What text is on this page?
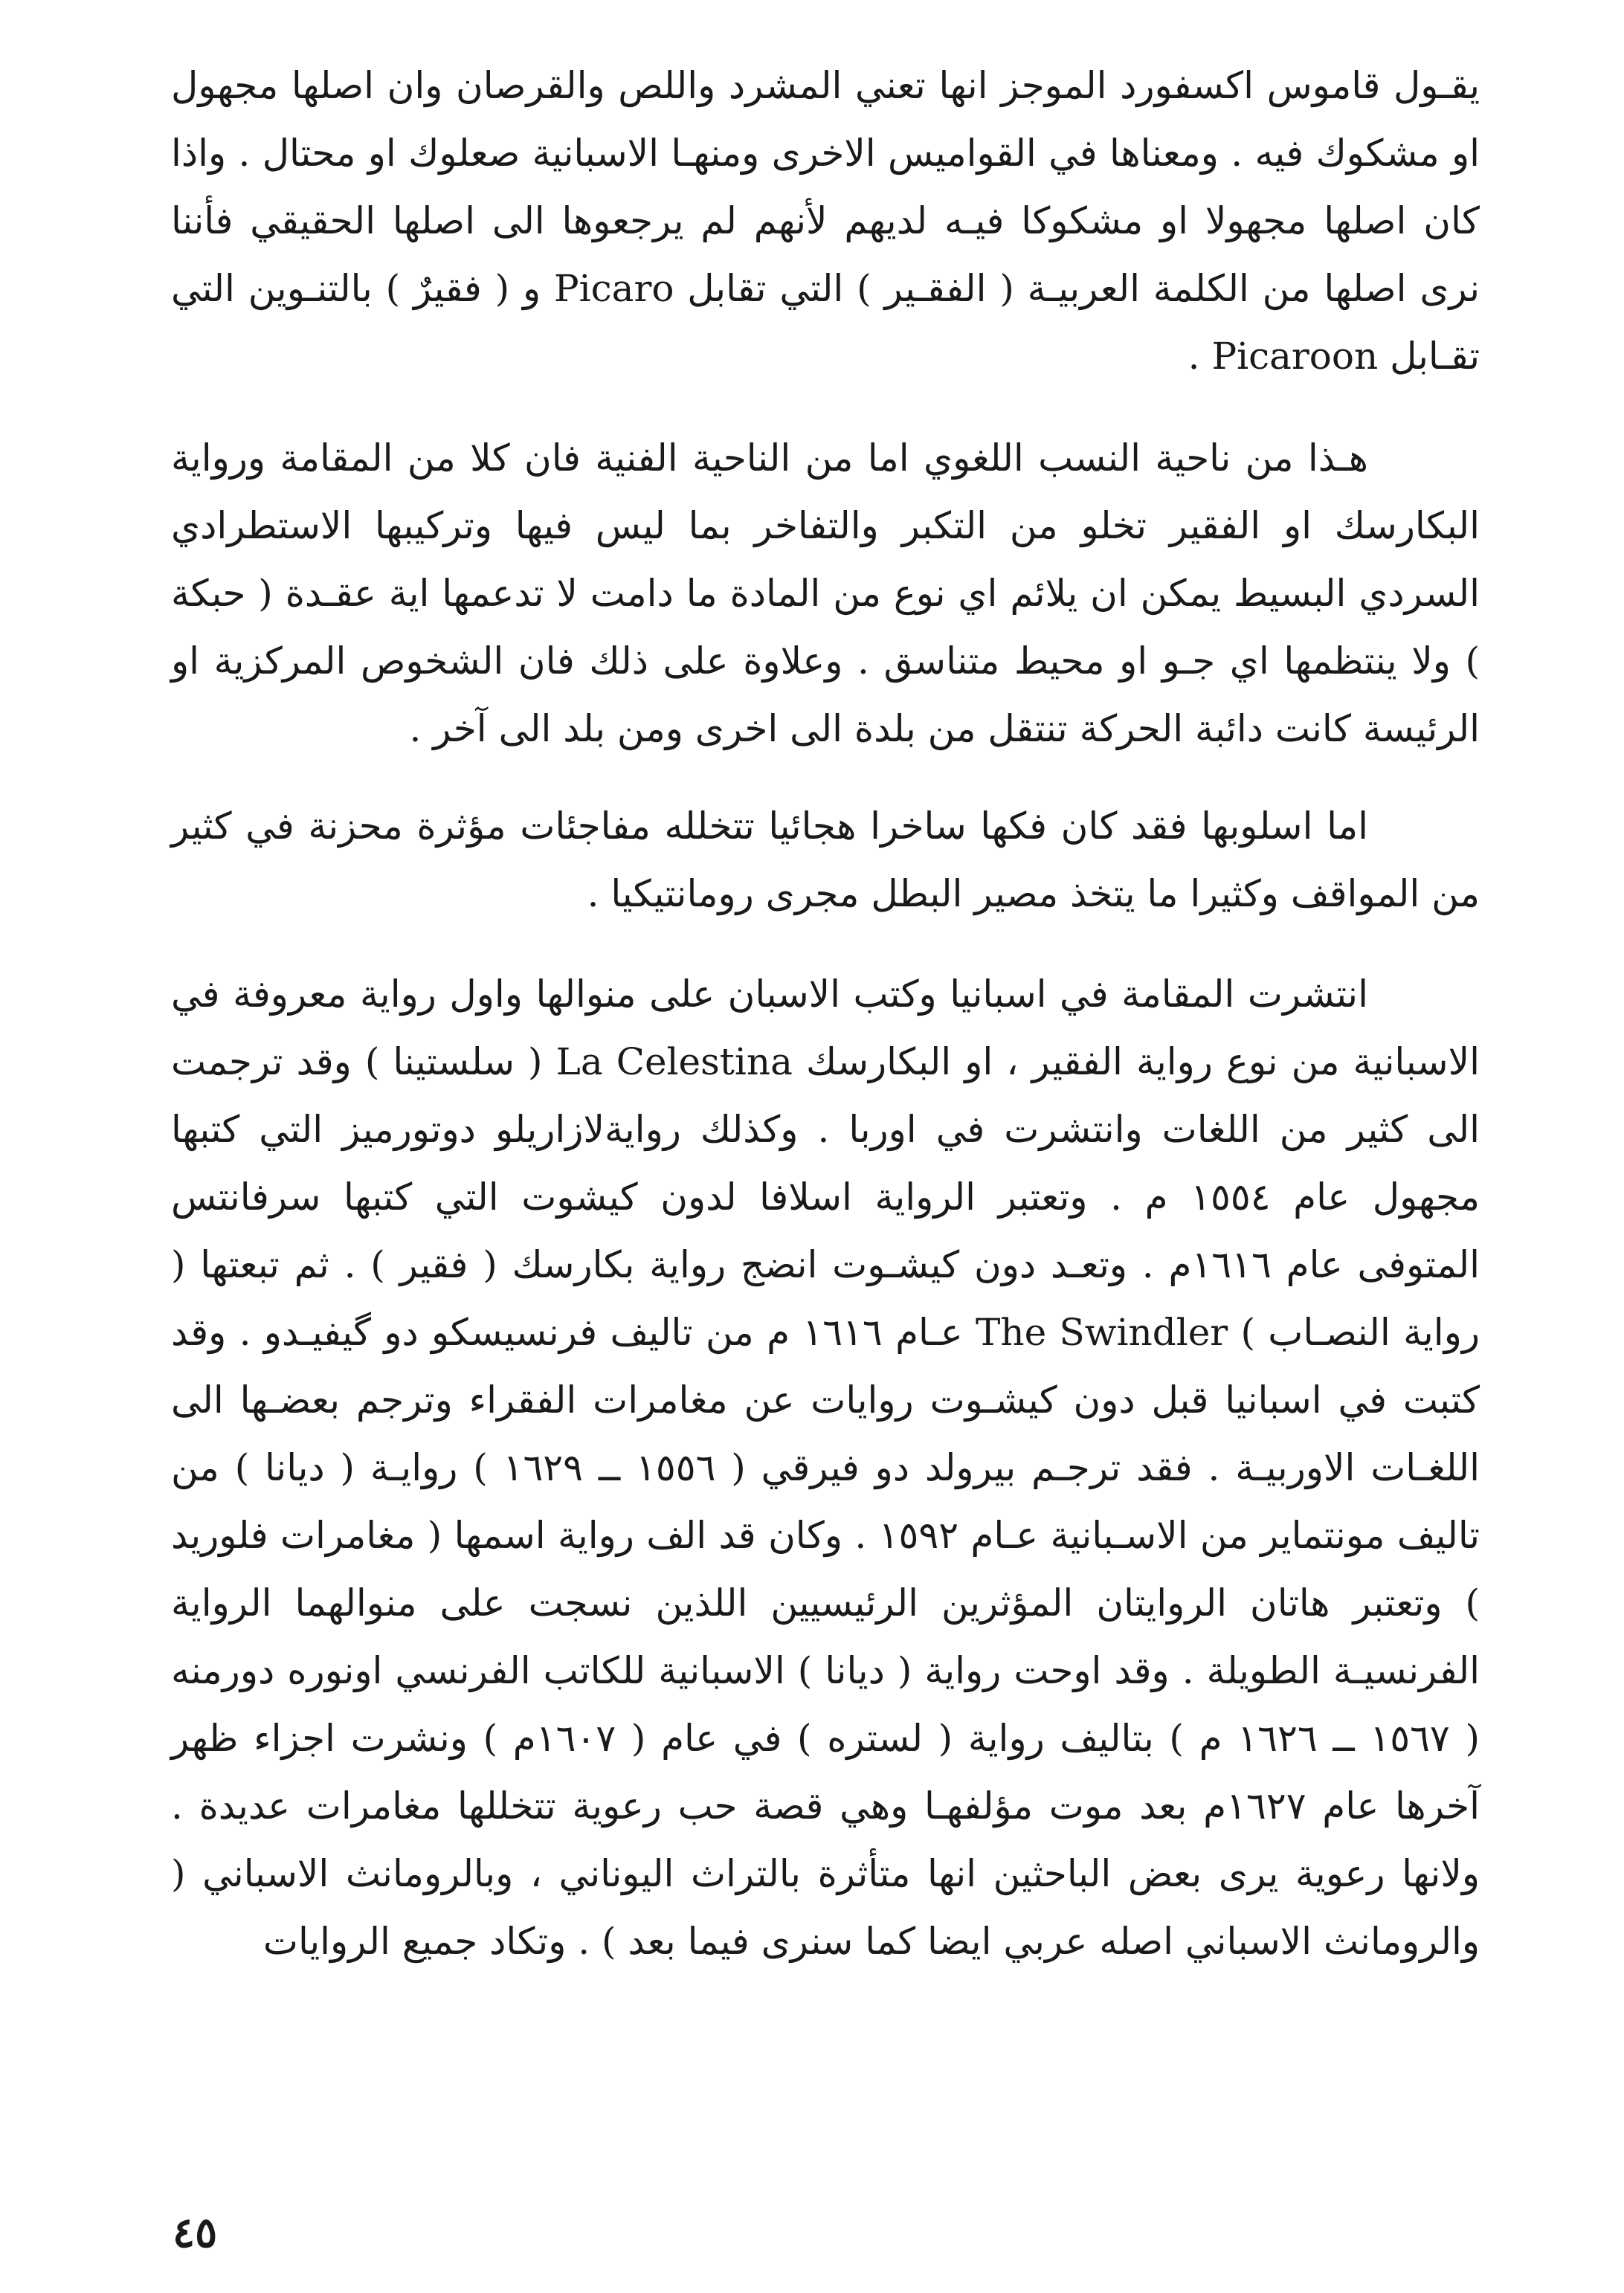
يقـول قاموس اكسفورد الموجز انها تعني المشرد واللص والقرصان وان اصلها مجهول او مشكوك فيه . ومعناها في القواميس الاخرى ومنهـا الاسبانية صعلوك او محتال . واذا كان اصلها مجهولا او مشكوكا فيـه لديهم لأنهم لم يرجعوها الى اصلها الحقيقي فأننا نرى اصلها من الكلمة العربيـة ( الفقـير ) التي تقابل Picaro و ( فقيرٌ ) بالتنـوين التي تقـابل Picaroon .

هـذا من ناحية النسب اللغوي اما من الناحية الفنية فان كلا من المقامة ورواية البكارسك او الفقير تخلو من التكبر والتفاخر بما ليس فيها وتركيبها الاستطرادي السردي البسيط يمكن ان يلائم اي نوع من المادة ما دامت لا تدعمها اية عقـدة ( حبكة ) ولا ينتظمها اي جـو او محيط متناسق . وعلاوة على ذلك فان الشخوص المركزية او الرئيسة كانت دائبة الحركة تنتقل من بلدة الى اخرى ومن بلد الى آخر .

اما اسلوبها فقد كان فكها ساخرا هجائيا تتخلله مفاجئات مؤثرة محزنة في كثير من المواقف وكثيرا ما يتخذ مصير البطل مجرى رومانتيكيا .

انتشرت المقامة في اسبانيا وكتب الاسبان على منوالها واول رواية معروفة في الاسبانية من نوع رواية الفقير ، او البكارسك La Celestina ( سلستينا ) وقد ترجمت الى كثير من اللغات وانتشرت في اوربا . وكذلك روايةلازاريلو دوتورميز التي كتبها مجهول عام ١٥٥٤ م . وتعتبر الرواية اسلافا لدون كيشوت التي كتبها سرفانتس المتوفى عام ١٦١٦م . وتعـد دون كيشـوت انضج رواية بكارسك ( فقير ) . ثم تبعتها ( رواية النصـاب ) The Swindler عـام ١٦١٦ م من تاليف فرنسيسكو دو گيفيـدو . وقد كتبت في اسبانيا قبل دون كيشـوت روايات عن مغامرات الفقراء وترجم بعضـها الى اللغـات الاوربيـة . فقد ترجـم بيرولد دو فيرقي ( ١٥٥٦ ــ ١٦٢٩ ) روايـة ( ديانا ) من تاليف مونتماير من الاسـبانية عـام ١٥٩٢ . وكان قد الف رواية اسمها ( مغامرات فلوريد ) وتعتبر هاتان الروايتان المؤثرين الرئيسيين اللذين نسجت على منوالهما الرواية الفرنسيـة الطويلة . وقد اوحت رواية ( ديانا ) الاسبانية للكاتب الفرنسي اونوره دورمنه ( ١٥٦٧ ــ ١٦٢٦ م ) بتاليف رواية ( لستره ) في عام ( ١٦٠٧م ) ونشرت اجزاء ظهر آخرها عام ١٦٢٧م بعد موت مؤلفهـا وهي قصة حب رعوية تتخللها مغامرات عديدة . ولانها رعوية يرى بعض الباحثين انها متأثرة بالتراث اليوناني ، وبالرومانث الاسباني ( والرومانث الاسباني اصله عربي ايضا كما سنرى فيما بعد ) . وتكاد جميع الروايات

٤٥
